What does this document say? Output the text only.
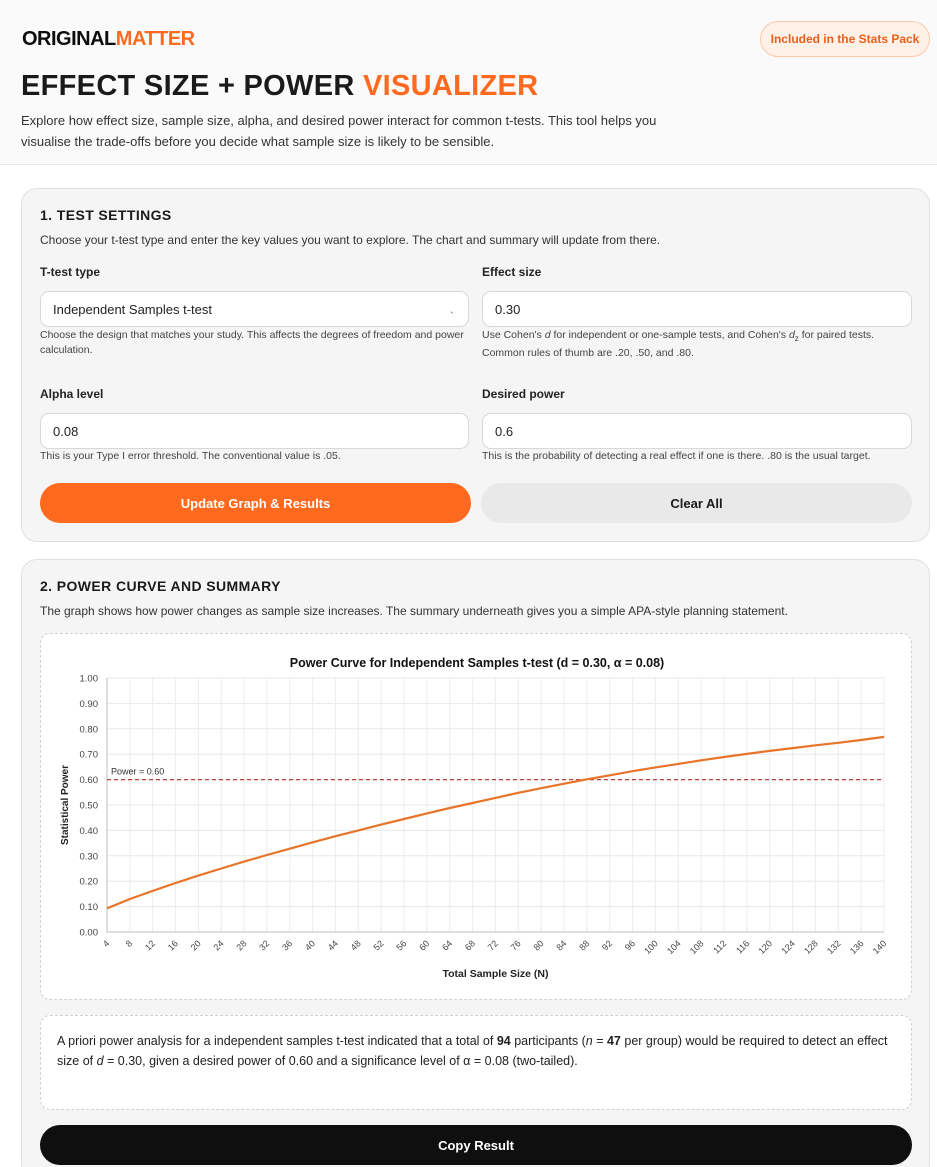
ORIGINALMATTER	Included in the Stats Pack
EFFECT SIZE + POWER VISUALIZER
Explore how effect size, sample size, alpha, and desired power interact for common t-tests. This tool helps you visualise the trade-offs before you decide what sample size is likely to be sensible.
1. TEST SETTINGS
Choose your t-test type and enter the key values you want to explore. The chart and summary will update from there.
T-test type
Independent Samples t-test	ˎ
Choose the design that matches your study. This affects the degrees of freedom and power calculation.
Effect size
0.30
Use Cohen's d for independent or one-sample tests, and Cohen's $d_z$ for paired tests.
Common rules of thumb are .20, .50, and .80.
Alpha level
0.08
This is your Type I error threshold. The conventional value is .05.
Desired power
0.6
This is the probability of detecting a real effect if one is there. .80 is the usual target.
Update Graph & Results	Clear All
2. POWER CURVE AND SUMMARY
The graph shows how power changes as sample size increases. The summary underneath gives you a simple APA-style planning statement.
Power Curve for Independent Samples t-test (d = 0.30, α = 0.08)
0.00
0.10
0.20
0.30
0.40
0.50
0.60
0.70
0.80
0.90
1.00
4 8 12 16 20 24 28 32 36 40 44 48 52 56 60 64 68 72 76 80 84 88 92 96 100 104 108 112 116 120 124 128 132 136 140
Power = 0.60
Total Sample Size (N)
Statistical Power
A priori power analysis for a independent samples t-test indicated that a total of 94 participants (n = 47 per group) would be required to detect an effect size of d = 0.30, given a desired power of 0.60 and a significance level of α = 0.08 (two-tailed).
Copy Result
